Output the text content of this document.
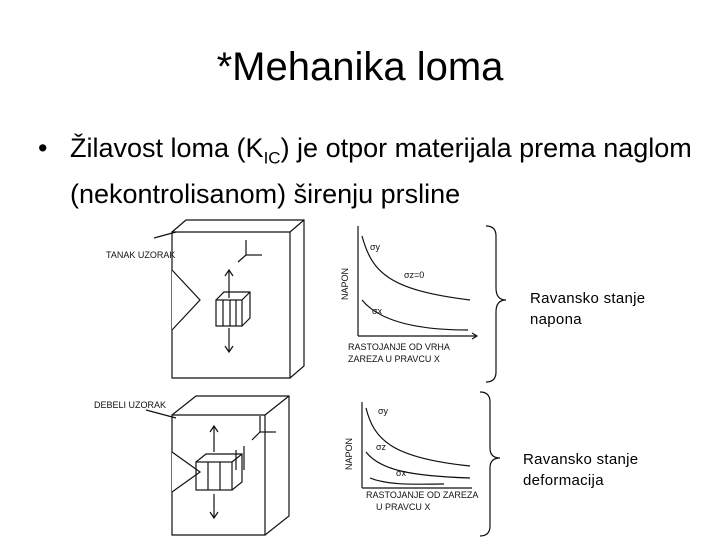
*Mehanika loma
• Žilavost loma $(K_{IC})$ je otpor materijala prema naglom (nekontrolisanom) širenju prsline
TANAK UZORAK
σy
σz=0
σx
NAPON
RASTOJANJE OD VRHA
ZAREZA U PRAVCU X
DEBELI UZORAK
σy
σz
σx
NAPON
RASTOJANJE OD ZAREZA
U PRAVCU X
Ravansko stanje napona
Ravansko stanje deformacija
